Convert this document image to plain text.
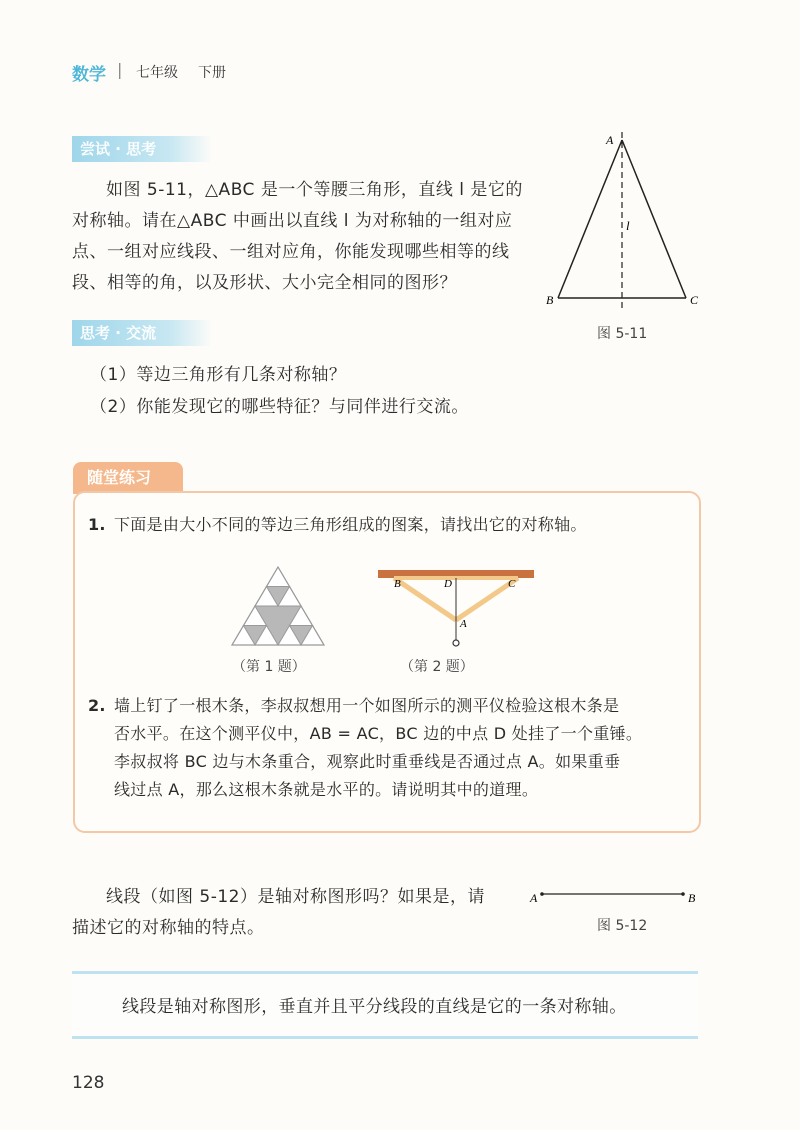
数学 | 七年级 下册
尝试 · 思考
如图 5-11，△ABC 是一个等腰三角形，直线 l 是它的
对称轴。请在△ABC 中画出以直线 l 为对称轴的一组对应
点、一组对应线段、一组对应角，你能发现哪些相等的线
段、相等的角，以及形状、大小完全相同的图形？
A
B	C
l
图 5-11
思考 · 交流
（1）等边三角形有几条对称轴？
（2）你能发现它的哪些特征？与同伴进行交流。
随堂练习
1. 下面是由大小不同的等边三角形组成的图案，请找出它的对称轴。
（第 1 题）
B	D	C
A
（第 2 题）
2. 墙上钉了一根木条，李叔叔想用一个如图所示的测平仪检验这根木条是
否水平。在这个测平仪中，AB = AC，BC 边的中点 D 处挂了一个重锤。
李叔叔将 BC 边与木条重合，观察此时重垂线是否通过点 A。如果重垂
线过点 A，那么这根木条就是水平的。请说明其中的道理。
线段（如图 5-12）是轴对称图形吗？如果是，请
描述它的对称轴的特点。
A	B
图 5-12
线段是轴对称图形，垂直并且平分线段的直线是它的一条对称轴。
128
